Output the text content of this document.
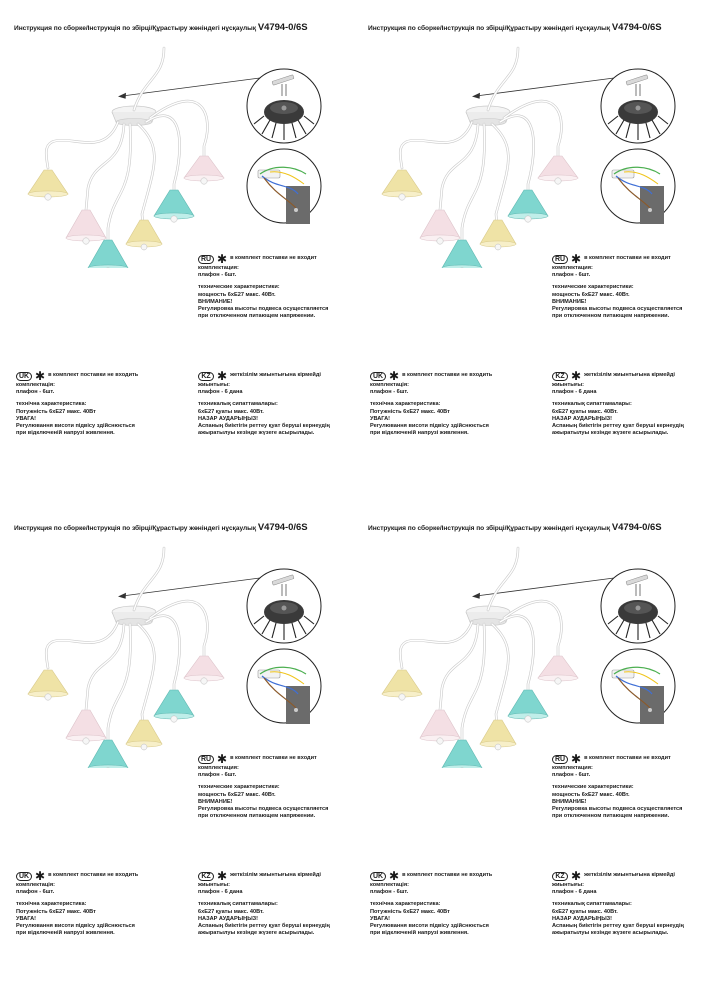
Инструкция по сборке/Інструкція по збірці/Құрастыру жөніндегі нұсқаулық V4794-0/6S
RU ✱ в комплект поставки не входит

комплектация:

плафон - 6шт.

технические характеристики:

мощность 6xE27 макс. 40Вт.

ВНИМАНИЕ!

Регулировка высоты подвеса осуществляется

при отключенном питающем напряжении.

UK ✱ в комплект поставки не входить

комплектація:

плафон - 6шт.

технічна характеристика:

Потужність 6xE27 макс. 40Вт

УВАГА!

Регулювання висоти підвісу здійснюється

при відключеній напрузі живлення.

KZ ✱ жеткізілім жиынтығына кірмейді

жиынтығы:

плафон - 6 дана

техникалық сипаттамалары:

6xE27 қуаты макс. 40Вт.

НАЗАР АУДАРЫҢЫЗ!

Аспаның биіктігін реттеу қуат берушi кернеудің

ажыратылуы кезінде жүзеге асырылады.

Инструкция по сборке/Інструкція по збірці/Құрастыру жөніндегі нұсқаулық V4794-0/6S
RU ✱ в комплект поставки не входит

комплектация:

плафон - 6шт.

технические характеристики:

мощность 6xE27 макс. 40Вт.

ВНИМАНИЕ!

Регулировка высоты подвеса осуществляется

при отключенном питающем напряжении.

UK ✱ в комплект поставки не входить

комплектація:

плафон - 6шт.

технічна характеристика:

Потужність 6xE27 макс. 40Вт

УВАГА!

Регулювання висоти підвісу здійснюється

при відключеній напрузі живлення.

KZ ✱ жеткізілім жиынтығына кірмейді

жиынтығы:

плафон - 6 дана

техникалық сипаттамалары:

6xE27 қуаты макс. 40Вт.

НАЗАР АУДАРЫҢЫЗ!

Аспаның биіктігін реттеу қуат берушi кернеудің

ажыратылуы кезінде жүзеге асырылады.

Инструкция по сборке/Інструкція по збірці/Құрастыру жөніндегі нұсқаулық V4794-0/6S
RU ✱ в комплект поставки не входит

комплектация:

плафон - 6шт.

технические характеристики:

мощность 6xE27 макс. 40Вт.

ВНИМАНИЕ!

Регулировка высоты подвеса осуществляется

при отключенном питающем напряжении.

UK ✱ в комплект поставки не входить

комплектація:

плафон - 6шт.

технічна характеристика:

Потужність 6xE27 макс. 40Вт

УВАГА!

Регулювання висоти підвісу здійснюється

при відключеній напрузі живлення.

KZ ✱ жеткізілім жиынтығына кірмейді

жиынтығы:

плафон - 6 дана

техникалық сипаттамалары:

6xE27 қуаты макс. 40Вт.

НАЗАР АУДАРЫҢЫЗ!

Аспаның биіктігін реттеу қуат берушi кернеудің

ажыратылуы кезінде жүзеге асырылады.

Инструкция по сборке/Інструкція по збірці/Құрастыру жөніндегі нұсқаулық V4794-0/6S
RU ✱ в комплект поставки не входит

комплектация:

плафон - 6шт.

технические характеристики:

мощность 6xE27 макс. 40Вт.

ВНИМАНИЕ!

Регулировка высоты подвеса осуществляется

при отключенном питающем напряжении.

UK ✱ в комплект поставки не входить

комплектація:

плафон - 6шт.

технічна характеристика:

Потужність 6xE27 макс. 40Вт

УВАГА!

Регулювання висоти підвісу здійснюється

при відключеній напрузі живлення.

KZ ✱ жеткізілім жиынтығына кірмейді

жиынтығы:

плафон - 6 дана

техникалық сипаттамалары:

6xE27 қуаты макс. 40Вт.

НАЗАР АУДАРЫҢЫЗ!

Аспаның биіктігін реттеу қуат берушi кернеудің

ажыратылуы кезінде жүзеге асырылады.
